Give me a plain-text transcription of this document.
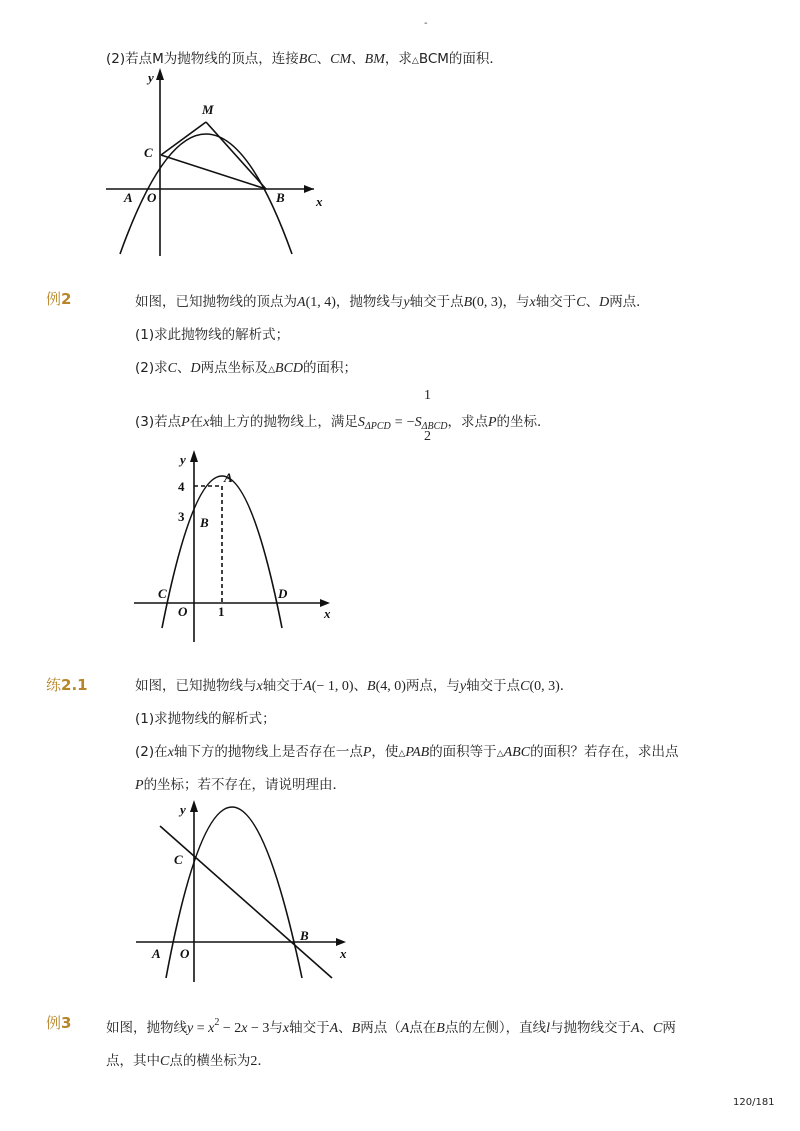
-
(2)若点M为抛物线的顶点，连接BC、CM、BM，求△BCM的面积．
y
x
M
C
A O	B
例2	如图，已知抛物线的顶点为A(1, 4)，抛物线与y轴交于点B(0, 3)，与x轴交于C、D两点．
(1)求此抛物线的解析式；
(2)求C、D两点坐标及△BCD的面积；
(3)若点P在x轴上方的抛物线上，满足$S_{\Delta PCD} = -S_{\Delta BCD}$，求点P的坐标．
1
2
y
x
A
B
C	D
O
4
3
1
练2.1	如图，已知抛物线与x轴交于A(− 1, 0)、B(4, 0)两点，与y轴交于点C(0, 3)．
(1)求抛物线的解析式；
(2)在x轴下方的抛物线上是否存在一点P，使△PAB的面积等于△ABC的面积？若存在，求出点
P的坐标；若不存在，请说明理由．
y
x
C
A O
B
例3	如图，抛物线$y = x^2 - 2x - 3$与x轴交于A、B两点（A点在B点的左侧），直线l与抛物线交于A、C两
点，其中C点的横坐标为2．
120/181
